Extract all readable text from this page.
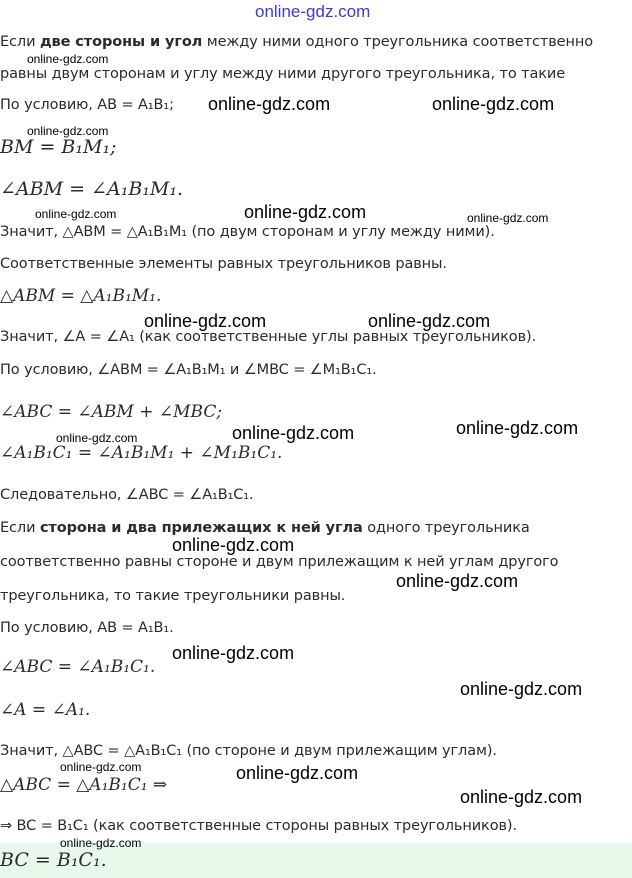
online-gdz.com
Если две стороны и угол между ними одного треугольника соответственно
равны двум сторонам и углу между ними другого треугольника, то такие
По условию, AB = A₁B₁;
BM = B₁M₁;
∠ABM = ∠A₁B₁M₁.
Значит, △ABM = △A₁B₁M₁ (по двум сторонам и углу между ними).
Соответственные элементы равных треугольников равны.
△ABM = △A₁B₁M₁.
Значит, ∠A = ∠A₁ (как соответственные углы равных треугольников).
По условию, ∠ABM = ∠A₁B₁M₁ и ∠MBC = ∠M₁B₁C₁.
∠ABC = ∠ABM + ∠MBC;
∠A₁B₁C₁ = ∠A₁B₁M₁ + ∠M₁B₁C₁.
Следовательно, ∠ABC = ∠A₁B₁C₁.
Если сторона и два прилежащих к ней угла одного треугольника
соответственно равны стороне и двум прилежащим к ней углам другого
треугольника, то такие треугольники равны.
По условию, AB = A₁B₁.
∠ABC = ∠A₁B₁C₁.
∠A = ∠A₁.
Значит, △ABC = △A₁B₁C₁ (по стороне и двум прилежащим углам).
△ABC = △A₁B₁C₁ ⇒
⇒ BC = B₁C₁ (как соответственные стороны равных треугольников).
BC = B₁C₁.
online-gdz.com
online-gdz.com	online-gdz.com
online-gdz.com
online-gdz.com	online-gdz.com	online-gdz.com
online-gdz.com	online-gdz.com
online-gdz.com	online-gdz.com	online-gdz.com
online-gdz.com
online-gdz.com
online-gdz.com
online-gdz.com
online-gdz.com	online-gdz.com
online-gdz.com
online-gdz.com
